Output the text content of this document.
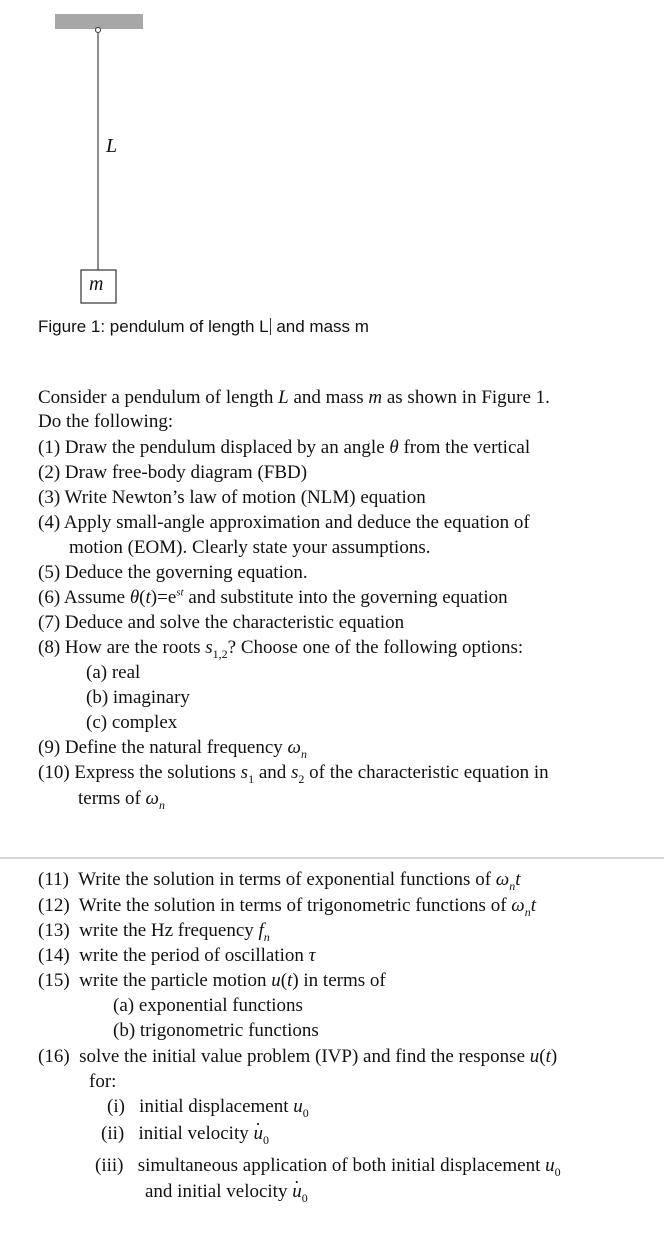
L
m
Figure 1: pendulum of length L and mass m
Consider a pendulum of length L and mass m as shown in Figure 1.
Do the following:
(1) Draw the pendulum displaced by an angle θ from the vertical
(2) Draw free-body diagram (FBD)
(3) Write Newton’s law of motion (NLM) equation
(4) Apply small-angle approximation and deduce the equation of
motion (EOM). Clearly state your assumptions.
(5) Deduce the governing equation.
(6) Assume $\theta(t)=e^{st}$ and substitute into the governing equation
(7) Deduce and solve the characteristic equation
(8) How are the roots $s_{1,2}$? Choose one of the following options:
(a) real
(b) imaginary
(c) complex
(9) Define the natural frequency $\omega_n$
(10) Express the solutions $s_1$ and $s_2$ of the characteristic equation in
terms of $\omega_n$
(11)  Write the solution in terms of exponential functions of $\omega_nt$
(12)  Write the solution in terms of trigonometric functions of $\omega_nt$
(13)  write the Hz frequency $f_n$
(14)  write the period of oscillation τ
(15)  write the particle motion u(t) in terms of
(a) exponential functions
(b) trigonometric functions
(16)  solve the initial value problem (IVP) and find the response u(t)
for:
(i)   initial displacement $u_0$
(ii)   initial velocity · $u_0$
(iii)   simultaneous application of both initial displacement $u_0$
and initial velocity · $u_0$
